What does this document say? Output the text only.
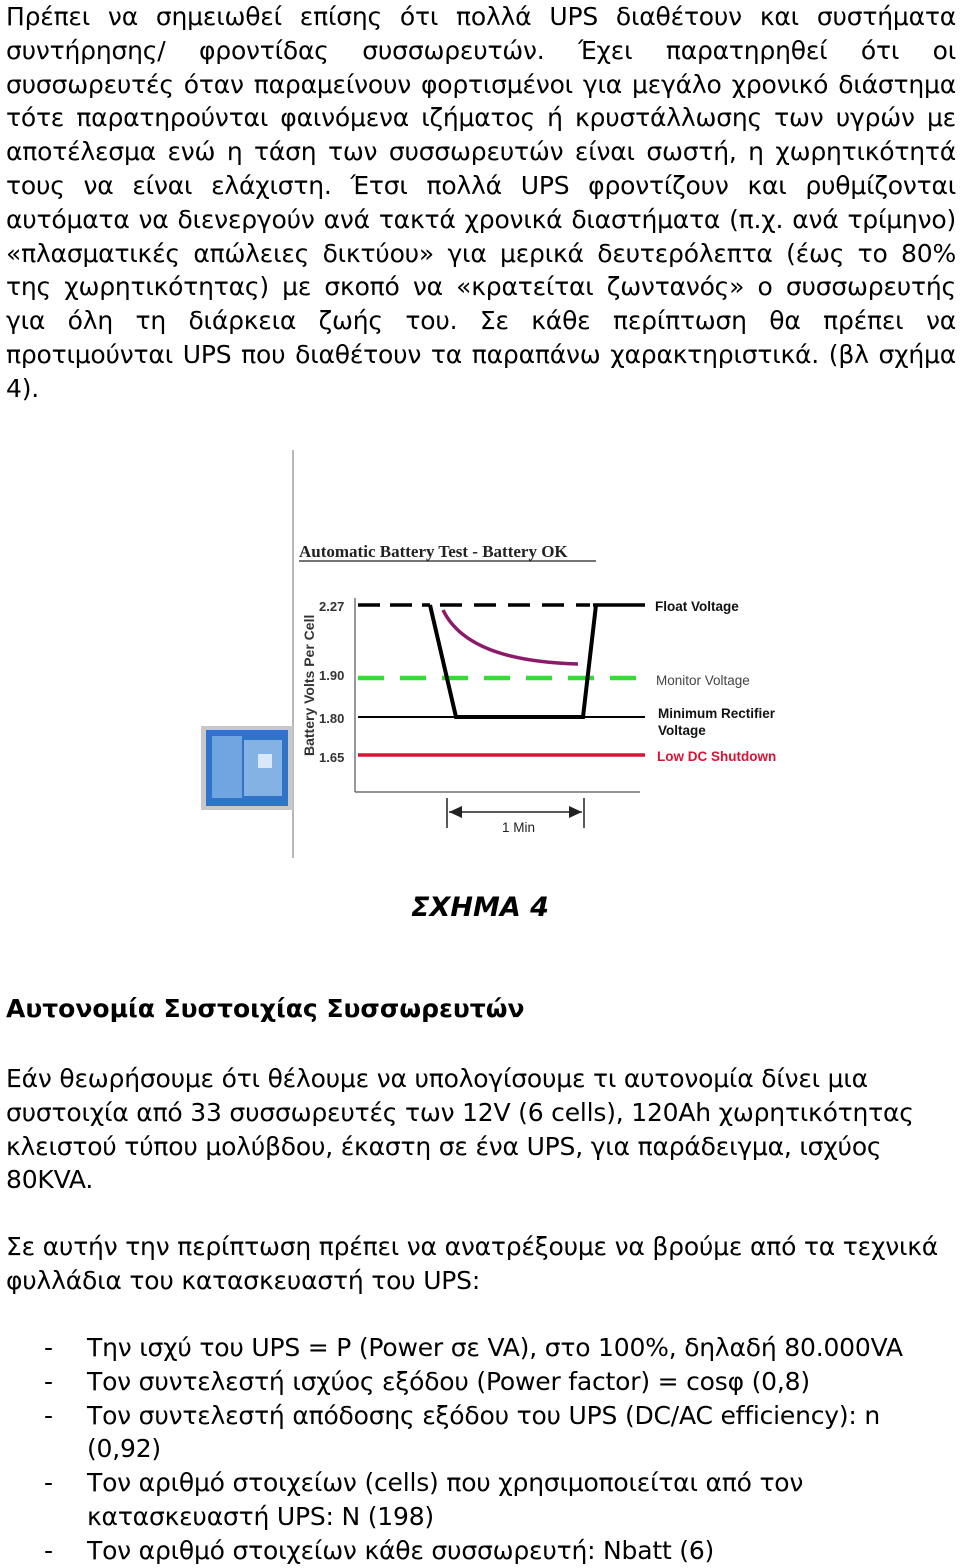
Πρέπει να σημειωθεί επίσης ότι πολλά UPS διαθέτουν και συστήματα συντήρησης/ φροντίδας συσσωρευτών. Έχει παρατηρηθεί ότι οι συσσωρευτές όταν παραμείνουν φορτισμένοι για μεγάλο χρονικό διάστημα τότε παρατηρούνται φαινόμενα ιζήματος ή κρυστάλλωσης των υγρών με αποτέλεσμα ενώ η τάση των συσσωρευτών είναι σωστή, η χωρητικότητά τους να είναι ελάχιστη. Έτσι πολλά UPS φροντίζουν και ρυθμίζονται αυτόματα να διενεργούν ανά τακτά χρονικά διαστήματα (π.χ. ανά τρίμηνο) «πλασματικές απώλειες δικτύου» για μερικά δευτερόλεπτα (έως το 80% της χωρητικότητας) με σκοπό να «κρατείται ζωντανός» ο συσσωρευτής για όλη τη διάρκεια ζωής του. Σε κάθε περίπτωση θα πρέπει να προτιμούνται UPS που διαθέτουν τα παραπάνω χαρακτηριστικά. (βλ σχήμα 4).

Automatic Battery Test - Battery OK
Battery Volts Per Cell
2.27
1.90
1.80
1.65
Float Voltage
Monitor Voltage
Minimum Rectifier Voltage
Low DC Shutdown
1 Min

ΣΧΗΜΑ 4

Αυτονομία Συστοιχίας Συσσωρευτών

Εάν θεωρήσουμε ότι θέλουμε να υπολογίσουμε τι αυτονομία δίνει μια συστοιχία από 33 συσσωρευτές των 12V (6 cells), 120Ah χωρητικότητας κλειστού τύπου μολύβδου, έκαστη σε ένα UPS, για παράδειγμα, ισχύος 80KVA.

Σε αυτήν την περίπτωση πρέπει να ανατρέξουμε να βρούμε από τα τεχνικά φυλλάδια του κατασκευαστή του UPS:

- Την ισχύ του UPS = P (Power σε VA), στο 100%, δηλαδή 80.000VA
- Τον συντελεστή ισχύος εξόδου (Power factor) = cosφ (0,8)
- Τον συντελεστή απόδοσης εξόδου του UPS (DC/AC efficiency): n (0,92)
- Τον αριθμό στοιχείων (cells) που χρησιμοποιείται από τον κατασκευαστή UPS: N (198)
- Τον αριθμό στοιχείων κάθε συσσωρευτή: Nbatt (6)
